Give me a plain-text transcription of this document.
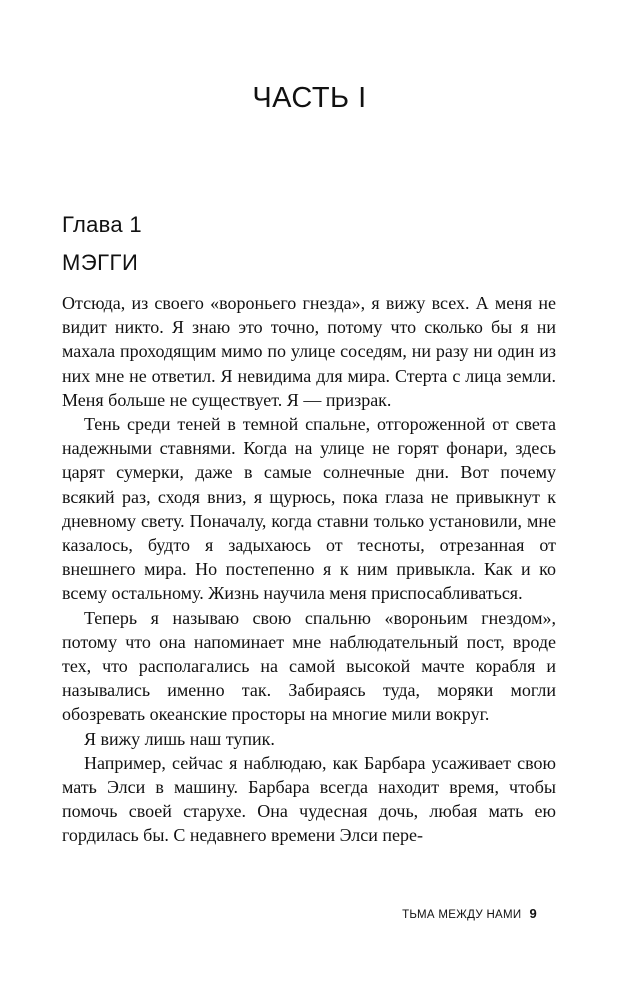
ЧАСТЬ I
Глава 1
МЭГГИ

Отсюда, из своего «вороньего гнезда», я вижу всех. А меня не видит никто. Я знаю это точно, потому что сколько бы я ни махала проходящим мимо по улице соседям, ни разу ни один из них мне не ответил. Я невидима для мира. Стерта с лица земли. Меня больше не существует. Я — призрак.

Тень среди теней в темной спальне, отгороженной от света надежными ставнями. Когда на улице не горят фонари, здесь царят сумерки, даже в самые солнечные дни. Вот почему всякий раз, сходя вниз, я щурюсь, пока глаза не привыкнут к дневному свету. Поначалу, когда ставни только установили, мне казалось, будто я задыхаюсь от тесноты, отрезанная от внешнего мира. Но постепенно я к ним привыкла. Как и ко всему остальному. Жизнь научила меня приспосабливаться.

Теперь я называю свою спальню «вороньим гнездом», потому что она напоминает мне наблюдательный пост, вроде тех, что располагались на самой высокой мачте корабля и назывались именно так. Забираясь туда, моряки могли обозревать океанские просторы на многие мили вокруг.

Я вижу лишь наш тупик.

Например, сейчас я наблюдаю, как Барбара усаживает свою мать Элси в машину. Барбара всегда находит время, чтобы помочь своей старухе. Она чудесная дочь, любая мать ею гордилась бы. С недавнего времени Элси пере-

ТЬМА МЕЖДУ НАМИ 9
